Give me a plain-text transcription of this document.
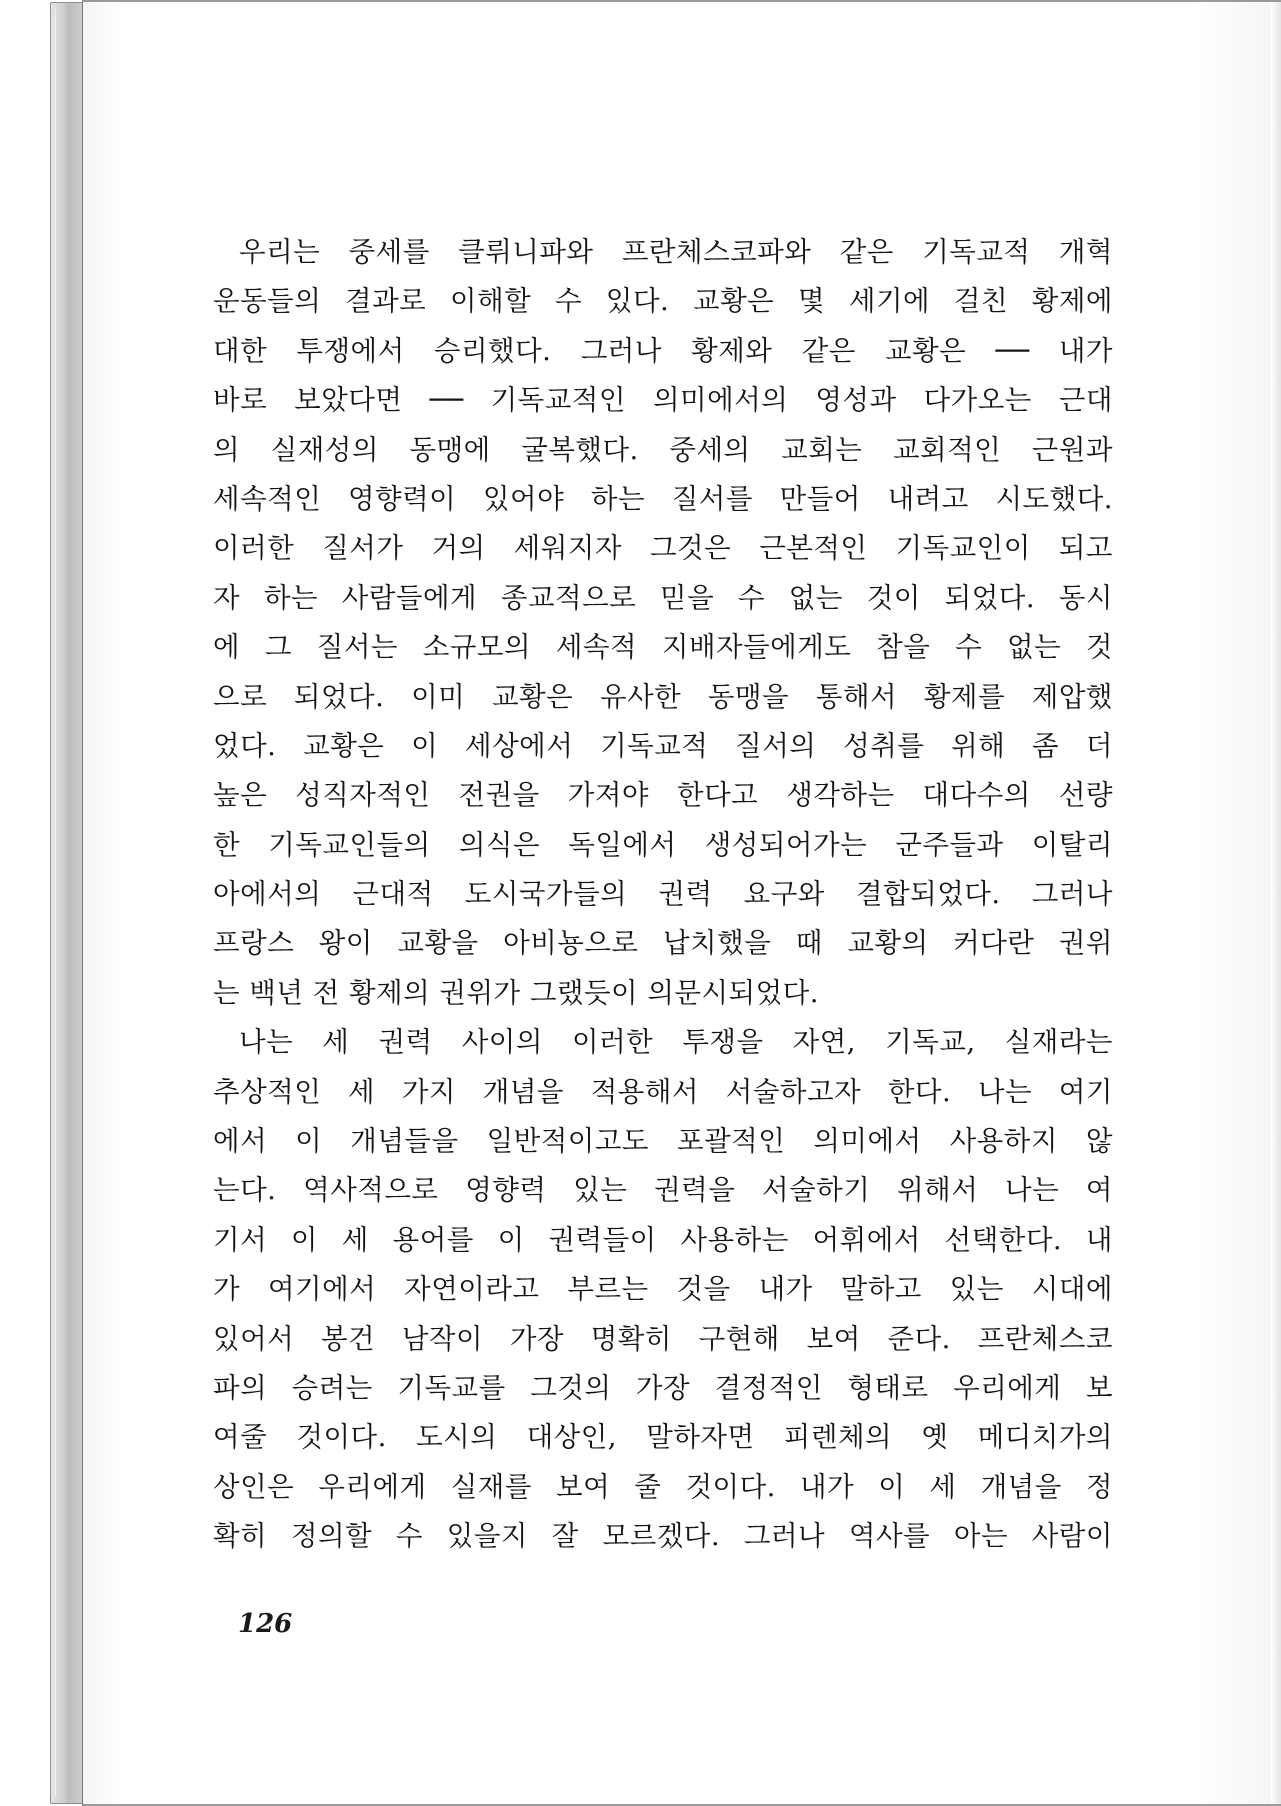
우리는 중세를 클뤼니파와 프란체스코파와 같은 기독교적 개혁
운동들의 결과로 이해할 수 있다. 교황은 몇 세기에 걸친 황제에
대한 투쟁에서 승리했다. 그러나 황제와 같은 교황은 ── 내가
바로 보았다면 ── 기독교적인 의미에서의 영성과 다가오는 근대
의 실재성의 동맹에 굴복했다. 중세의 교회는 교회적인 근원과
세속적인 영향력이 있어야 하는 질서를 만들어 내려고 시도했다.
이러한 질서가 거의 세워지자 그것은 근본적인 기독교인이 되고
자 하는 사람들에게 종교적으로 믿을 수 없는 것이 되었다. 동시
에 그 질서는 소규모의 세속적 지배자들에게도 참을 수 없는 것
으로 되었다. 이미 교황은 유사한 동맹을 통해서 황제를 제압했
었다. 교황은 이 세상에서 기독교적 질서의 성취를 위해 좀 더
높은 성직자적인 전권을 가져야 한다고 생각하는 대다수의 선량
한 기독교인들의 의식은 독일에서 생성되어가는 군주들과 이탈리
아에서의 근대적 도시국가들의 권력 요구와 결합되었다. 그러나
프랑스 왕이 교황을 아비뇽으로 납치했을 때 교황의 커다란 권위
는 백년 전 황제의 권위가 그랬듯이 의문시되었다.
나는 세 권력 사이의 이러한 투쟁을 자연, 기독교, 실재라는
추상적인 세 가지 개념을 적용해서 서술하고자 한다. 나는 여기
에서 이 개념들을 일반적이고도 포괄적인 의미에서 사용하지 않
는다. 역사적으로 영향력 있는 권력을 서술하기 위해서 나는 여
기서 이 세 용어를 이 권력들이 사용하는 어휘에서 선택한다. 내
가 여기에서 자연이라고 부르는 것을 내가 말하고 있는 시대에
있어서 봉건 남작이 가장 명확히 구현해 보여 준다. 프란체스코
파의 승려는 기독교를 그것의 가장 결정적인 형태로 우리에게 보
여줄 것이다. 도시의 대상인, 말하자면 피렌체의 옛 메디치가의
상인은 우리에게 실재를 보여 줄 것이다. 내가 이 세 개념을 정
확히 정의할 수 있을지 잘 모르겠다. 그러나 역사를 아는 사람이
126
